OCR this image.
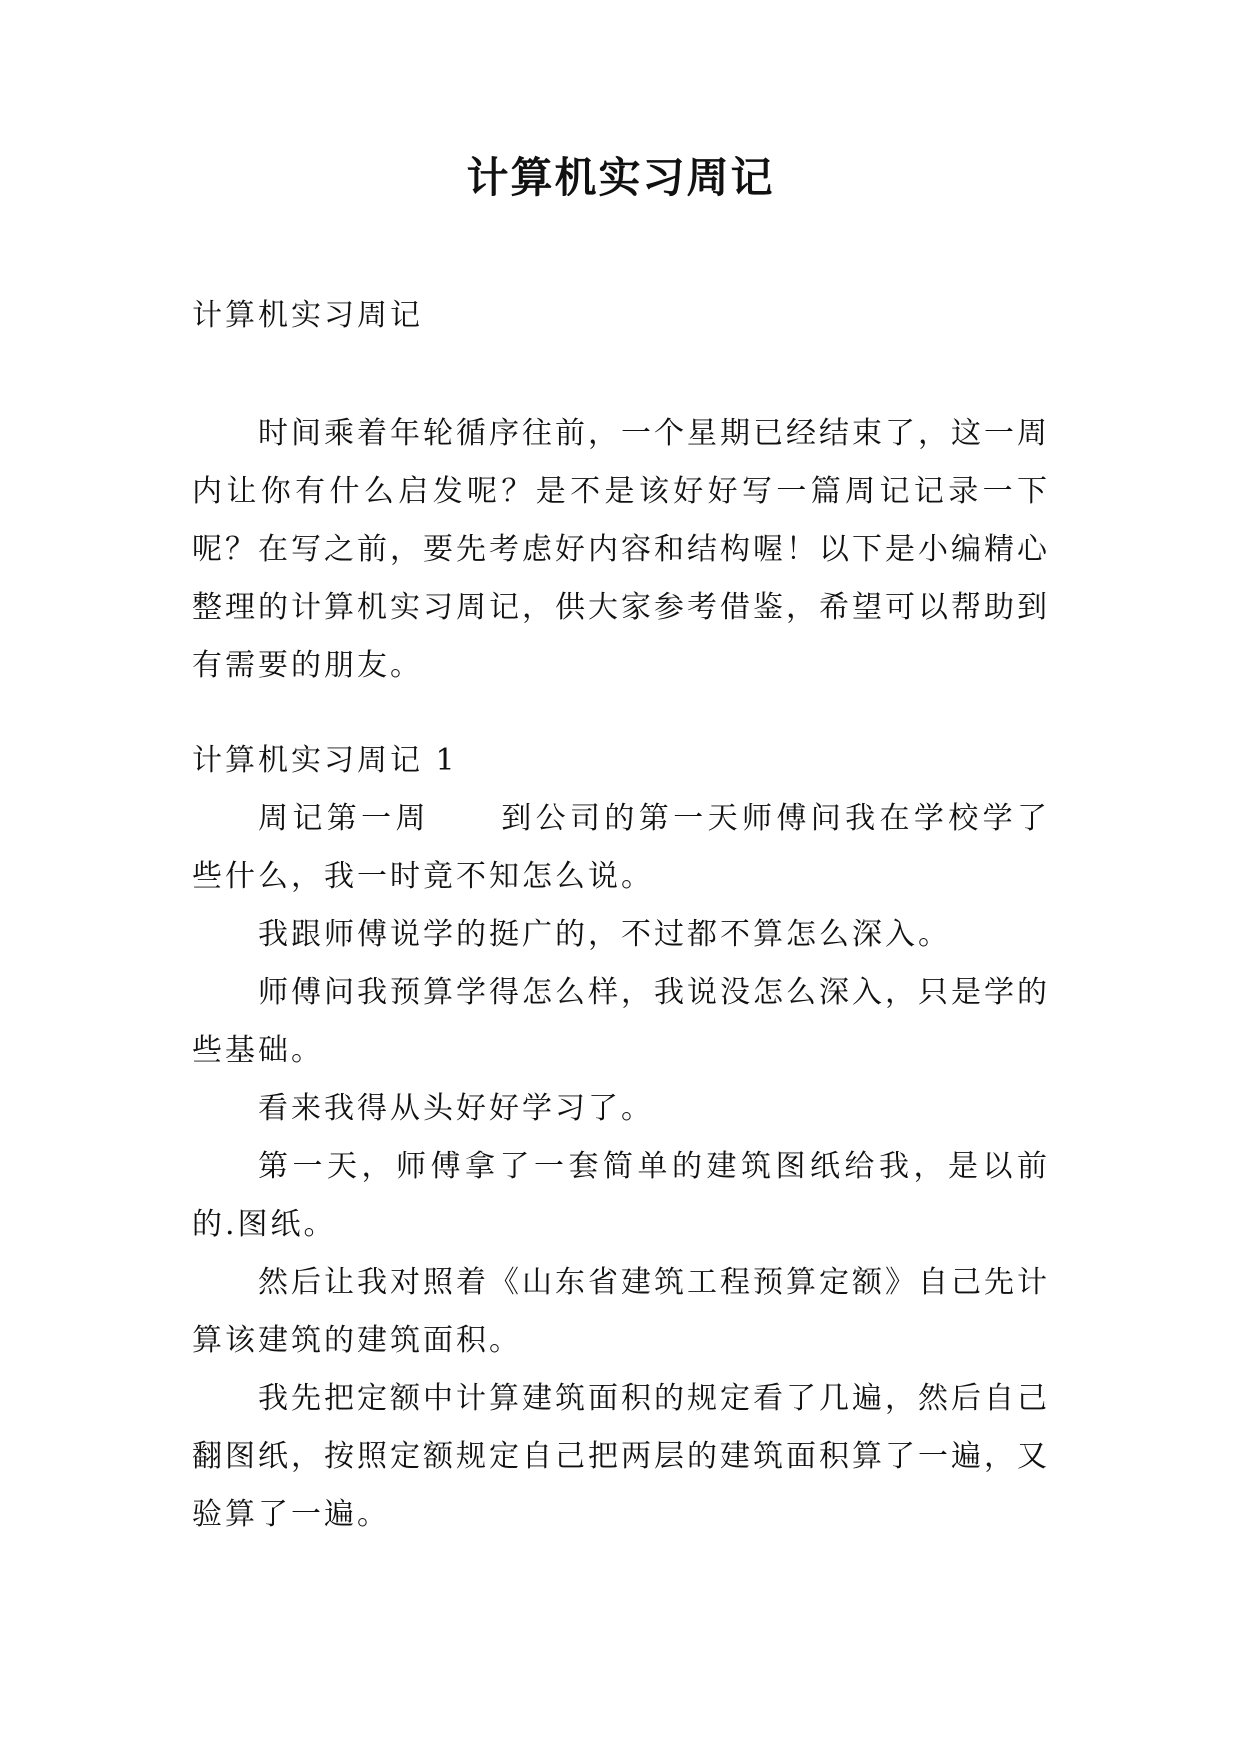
计算机实习周记

计算机实习周记

时间乘着年轮循序往前，一个星期已经结束了，这一周内让你有什么启发呢？是不是该好好写一篇周记记录一下呢？在写之前，要先考虑好内容和结构喔！以下是小编精心整理的计算机实习周记，供大家参考借鉴，希望可以帮助到有需要的朋友。

计算机实习周记 1

周记第一周 到公司的第一天师傅问我在学校学了些什么，我一时竟不知怎么说。

我跟师傅说学的挺广的，不过都不算怎么深入。

师傅问我预算学得怎么样，我说没怎么深入，只是学的些基础。

看来我得从头好好学习了。

第一天，师傅拿了一套简单的建筑图纸给我，是以前的.图纸。

然后让我对照着《山东省建筑工程预算定额》自己先计算该建筑的建筑面积。

我先把定额中计算建筑面积的规定看了几遍，然后自己翻图纸，按照定额规定自己把两层的建筑面积算了一遍，又验算了一遍。
